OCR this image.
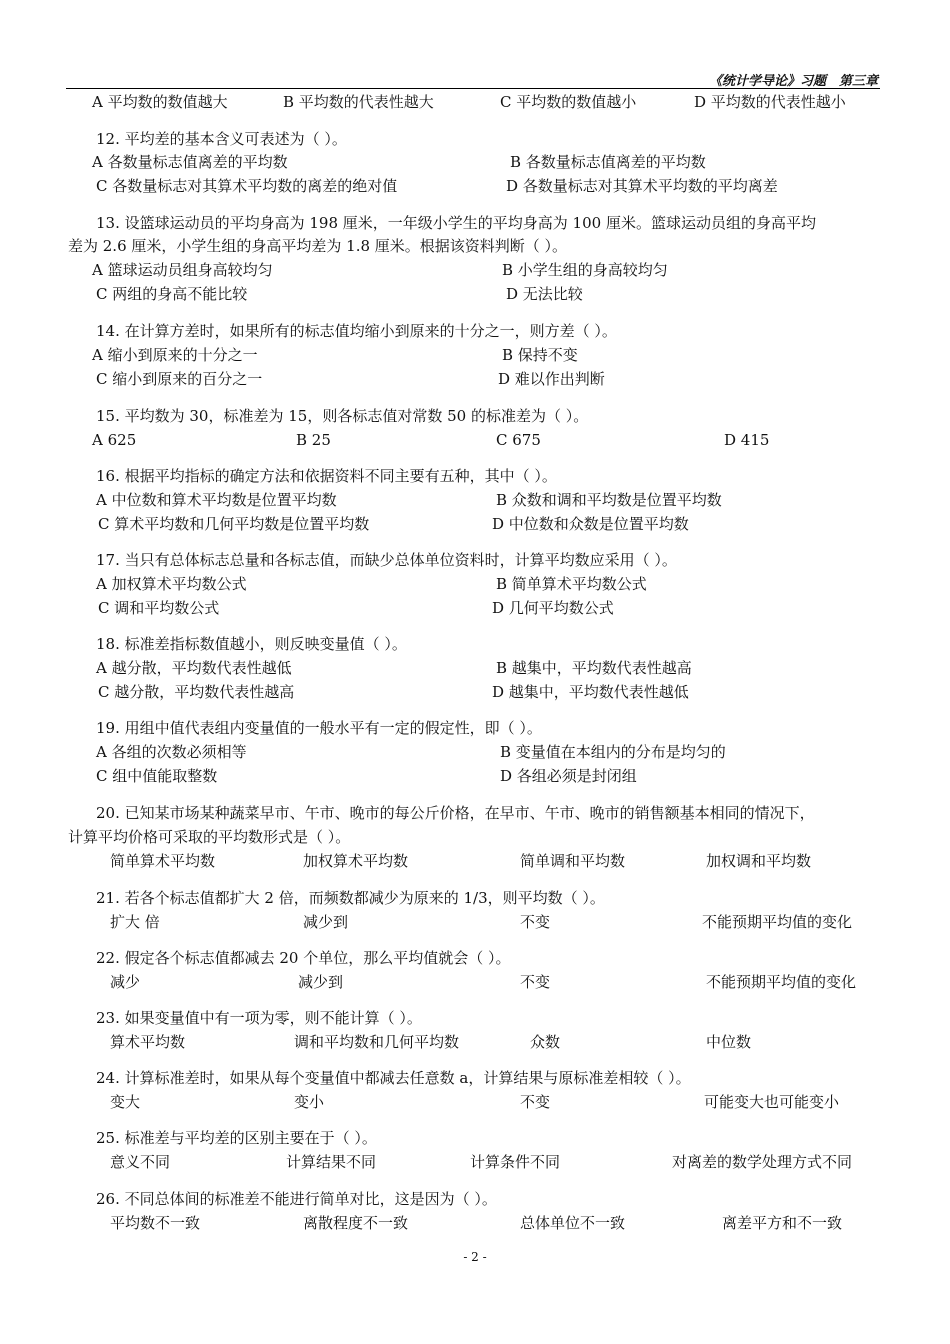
《统计学导论》习题　第三章
A 平均数的数值越大	B 平均数的代表性越大	C 平均数的数值越小	D 平均数的代表性越小
12. 平均差的基本含义可表述为（ ）。
A 各数量标志值离差的平均数	B 各数量标志值离差的平均数
C 各数量标志对其算术平均数的离差的绝对值	D 各数量标志对其算术平均数的平均离差
13. 设篮球运动员的平均身高为 198 厘米，一年级小学生的平均身高为 100 厘米。篮球运动员组的身高平均
差为 2.6 厘米，小学生组的身高平均差为 1.8 厘米。根据该资料判断（ ）。
A 篮球运动员组身高较均匀	B 小学生组的身高较均匀
C 两组的身高不能比较	D 无法比较
14. 在计算方差时，如果所有的标志值均缩小到原来的十分之一，则方差（ ）。
A 缩小到原来的十分之一	B 保持不变
C 缩小到原来的百分之一	D 难以作出判断
15. 平均数为 30，标准差为 15，则各标志值对常数 50 的标准差为（ ）。
A 625	B 25	C 675	D 415
16. 根据平均指标的确定方法和依据资料不同主要有五种，其中（ ）。
A 中位数和算术平均数是位置平均数	B 众数和调和平均数是位置平均数
C 算术平均数和几何平均数是位置平均数	D 中位数和众数是位置平均数
17. 当只有总体标志总量和各标志值，而缺少总体单位资料时，计算平均数应采用（ ）。
A 加权算术平均数公式	B 简单算术平均数公式
C 调和平均数公式	D 几何平均数公式
18. 标准差指标数值越小，则反映变量值（ ）。
A 越分散，平均数代表性越低	B 越集中，平均数代表性越高
C 越分散，平均数代表性越高	D 越集中，平均数代表性越低
19. 用组中值代表组内变量值的一般水平有一定的假定性，即（ ）。
A 各组的次数必须相等	B 变量值在本组内的分布是均匀的
C 组中值能取整数	D 各组必须是封闭组
20. 已知某市场某种蔬菜早市、午市、晚市的每公斤价格，在早市、午市、晚市的销售额基本相同的情况下，
计算平均价格可采取的平均数形式是（ ）。
简单算术平均数	加权算术平均数	简单调和平均数	加权调和平均数
21. 若各个标志值都扩大 2 倍，而频数都减少为原来的 1/3，则平均数（ ）。
扩大 倍	减少到	不变	不能预期平均值的变化
22. 假定各个标志值都减去 20 个单位，那么平均值就会（ ）。
减少	减少到	不变	不能预期平均值的变化
23. 如果变量值中有一项为零，则不能计算（ ）。
算术平均数	调和平均数和几何平均数	众数	中位数
24. 计算标准差时，如果从每个变量值中都减去任意数 a，计算结果与原标准差相较（ ）。
变大	变小	不变	可能变大也可能变小
25. 标准差与平均差的区别主要在于（ ）。
意义不同	计算结果不同	计算条件不同	对离差的数学处理方式不同
26. 不同总体间的标准差不能进行简单对比，这是因为（ ）。
平均数不一致	离散程度不一致	总体单位不一致	离差平方和不一致
- 2 -
